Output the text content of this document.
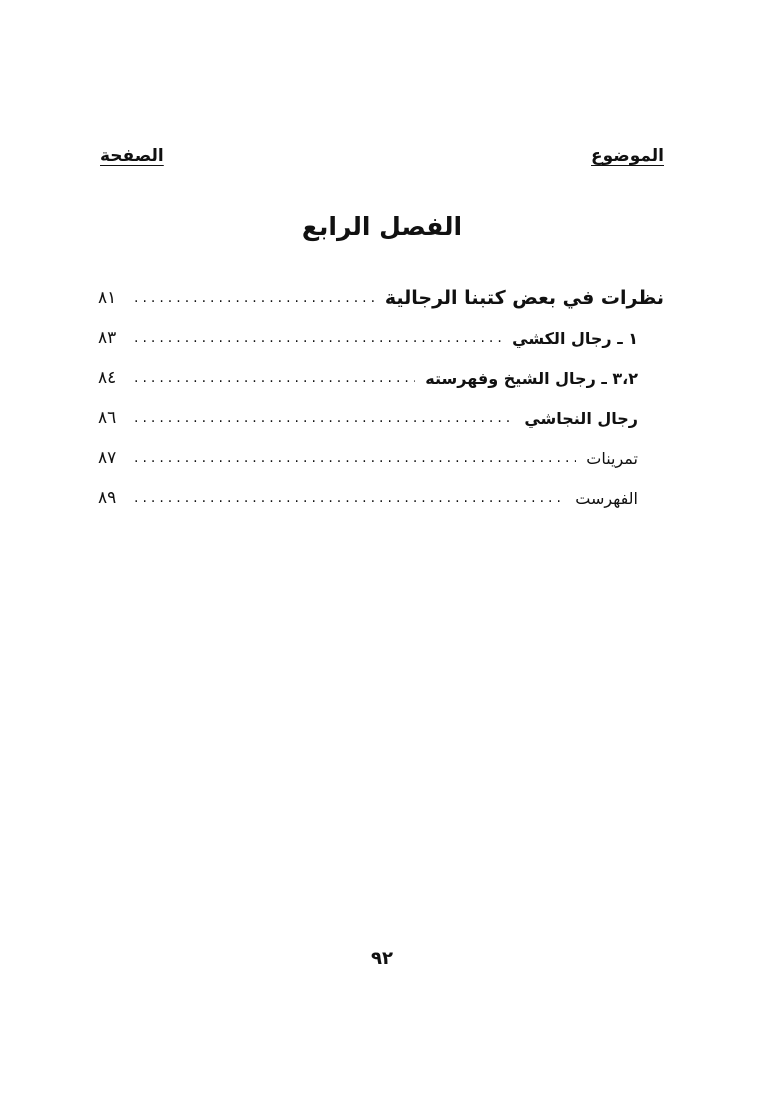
الموضوع
الصفحة
الفصل الرابع
نظرات في بعض كتبنا الرجالية
.....
٨١
١ ـ رجال الكشي
.....
٨٣
٣،٢ ـ رجال الشيخ وفهرسته
.....
٨٤
رجال النجاشي
.....
٨٦
تمرينات
.....
٨٧
الفهرست
.....
٨٩
٩٢
